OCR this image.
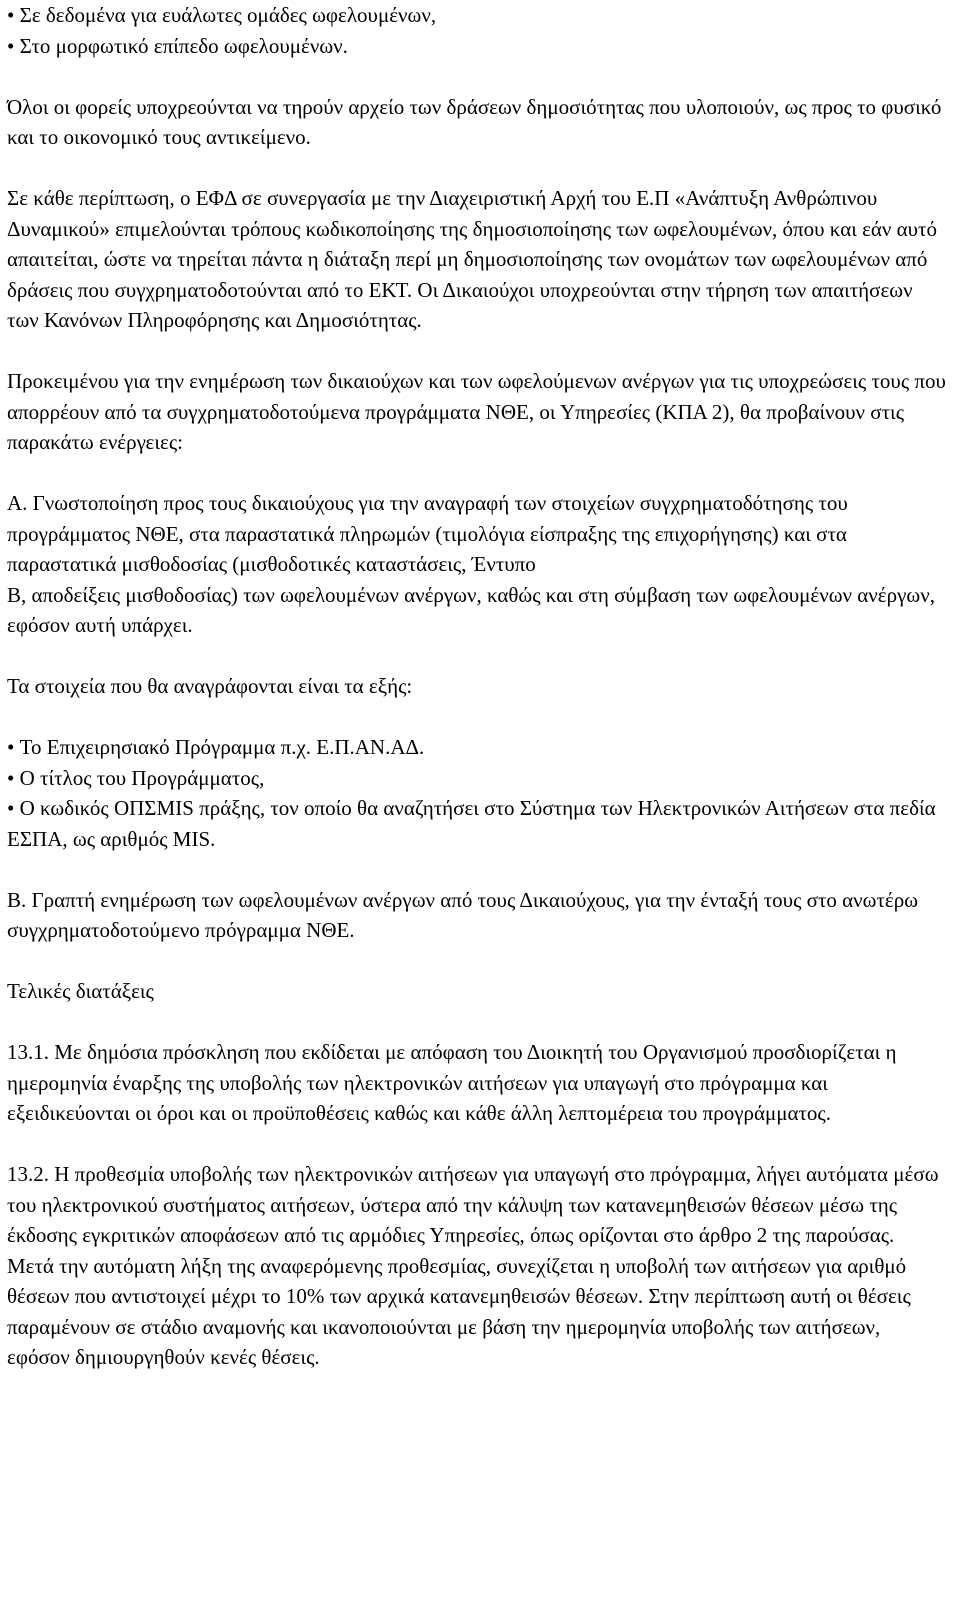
• Σε δεδομένα για ευάλωτες ομάδες ωφελουμένων,
• Στο μορφωτικό επίπεδο ωφελουμένων.

Όλοι οι φορείς υποχρεούνται να τηρούν αρχείο των δράσεων δημοσιότητας που υλοποιούν, ως προς το φυσικό και το οικονομικό τους αντικείμενο.

Σε κάθε περίπτωση, ο ΕΦΔ σε συνεργασία με την Διαχειριστική Αρχή του Ε.Π «Ανάπτυξη Ανθρώπινου Δυναμικού» επιμελούνται τρόπους κωδικοποίησης της δημοσιοποίησης των ωφελουμένων, όπου και εάν αυτό απαιτείται, ώστε να τηρείται πάντα η διάταξη περί μη δημοσιοποίησης των ονομάτων των ωφελουμένων από δράσεις που συγχρηματοδοτούνται από το ΕΚΤ. Οι Δικαιούχοι υποχρεούνται στην τήρηση των απαιτήσεων των Κανόνων Πληροφόρησης και Δημοσιότητας.

Προκειμένου για την ενημέρωση των δικαιούχων και των ωφελούμενων ανέργων για τις υποχρεώσεις τους που απορρέουν από τα συγχρηματοδοτούμενα προγράμματα ΝΘΕ, οι Υπηρεσίες (ΚΠΑ 2), θα προβαίνουν στις παρακάτω ενέργειες:

Α. Γνωστοποίηση προς τους δικαιούχους για την αναγραφή των στοιχείων συγχρηματοδότησης του προγράμματος ΝΘΕ, στα παραστατικά πληρωμών (τιμολόγια είσπραξης της επιχορήγησης) και στα παραστατικά μισθοδοσίας (μισθοδοτικές καταστάσεις, Έντυπο
Β, αποδείξεις μισθοδοσίας) των ωφελουμένων ανέργων, καθώς και στη σύμβαση των ωφελουμένων ανέργων, εφόσον αυτή υπάρχει.

Τα στοιχεία που θα αναγράφονται είναι τα εξής:

• Το Επιχειρησιακό Πρόγραμμα π.χ. Ε.Π.ΑΝ.ΑΔ.
• Ο τίτλος του Προγράμματος,
• Ο κωδικός ΟΠΣΜΙS πράξης, τον οποίο θα αναζητήσει στο Σύστημα των Ηλεκτρονικών Αιτήσεων στα πεδία ΕΣΠΑ, ως αριθμός MIS.

Β. Γραπτή ενημέρωση των ωφελουμένων ανέργων από τους Δικαιούχους, για την ένταξή τους στο ανωτέρω συγχρηματοδοτούμενο πρόγραμμα ΝΘΕ.

Τελικές διατάξεις

13.1. Με δημόσια πρόσκληση που εκδίδεται με απόφαση του Διοικητή του Οργανισμού προσδιορίζεται η ημερομηνία έναρξης της υποβολής των ηλεκτρονικών αιτήσεων για υπαγωγή στο πρόγραμμα και εξειδικεύονται οι όροι και οι προϋποθέσεις καθώς και κάθε άλλη λεπτομέρεια του προγράμματος.

13.2. Η προθεσμία υποβολής των ηλεκτρονικών αιτήσεων για υπαγωγή στο πρόγραμμα, λήγει αυτόματα μέσω του ηλεκτρονικού συστήματος αιτήσεων, ύστερα από την κάλυψη των κατανεμηθεισών θέσεων μέσω της έκδοσης εγκριτικών αποφάσεων από τις αρμόδιες Υπηρεσίες, όπως ορίζονται στο άρθρο 2 της παρούσας. Μετά την αυτόματη λήξη της αναφερόμενης προθεσμίας, συνεχίζεται η υποβολή των αιτήσεων για αριθμό θέσεων που αντιστοιχεί μέχρι το 10% των αρχικά κατανεμηθεισών θέσεων. Στην περίπτωση αυτή οι θέσεις παραμένουν σε στάδιο αναμονής και ικανοποιούνται με βάση την ημερομηνία υποβολής των αιτήσεων, εφόσον δημιουργηθούν κενές θέσεις.
